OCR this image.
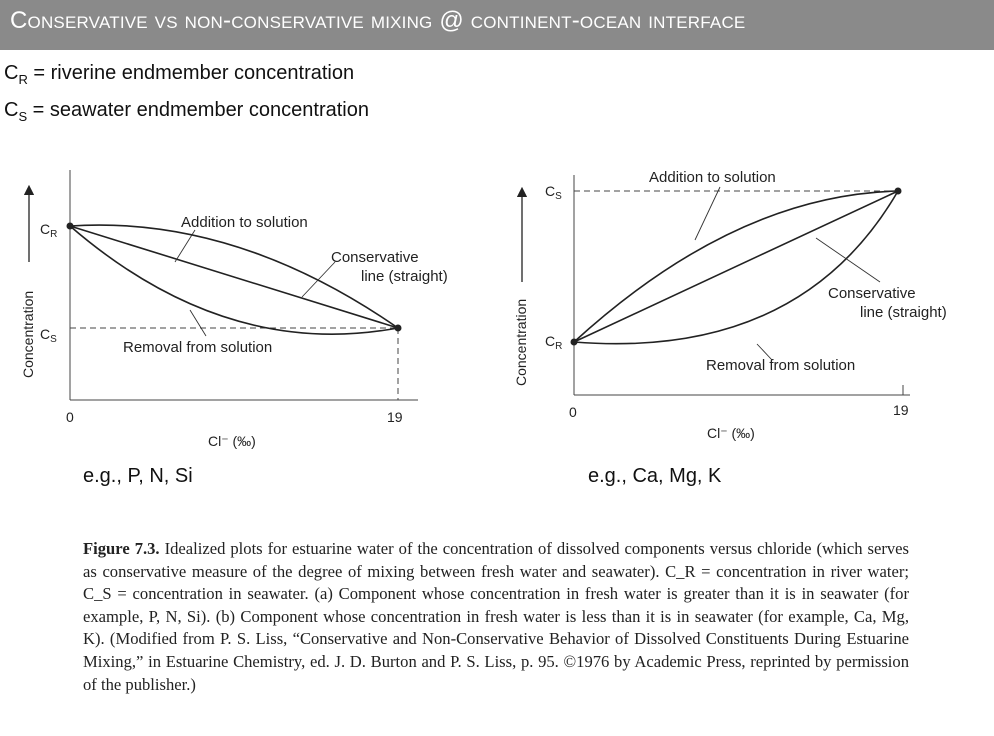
Conservative vs non-conservative mixing @ continent-ocean interface
$C_R$ = riverine endmember concentration
$C_S$ = seawater endmember concentration
Concentration
$C_R$
$C_S$
0	19
Cl⁻ (‰)
Addition to solution
Conservative
line (straight)
Removal from solution	Concentration
$C_S$
$C_R$
0	19
Cl⁻ (‰)
Addition to solution
Conservative
line (straight)
Removal from solution
e.g., P, N, Si	e.g., Ca, Mg, K
Figure 7.3. Idealized plots for estuarine water of the concentration of dissolved components versus chloride (which serves as conservative measure of the degree of mixing between fresh water and seawater). C_R = concentration in river water; C_S = concentration in seawater. (a) Component whose concentration in fresh water is greater than it is in seawater (for example, P, N, Si). (b) Component whose concentration in fresh water is less than it is in seawater (for example, Ca, Mg, K). (Modified from P. S. Liss, “Conservative and Non-Conservative Behavior of Dissolved Constituents During Estuarine Mixing,” in Estuarine Chemistry, ed. J. D. Burton and P. S. Liss, p. 95. ©1976 by Academic Press, reprinted by permission of the publisher.)
